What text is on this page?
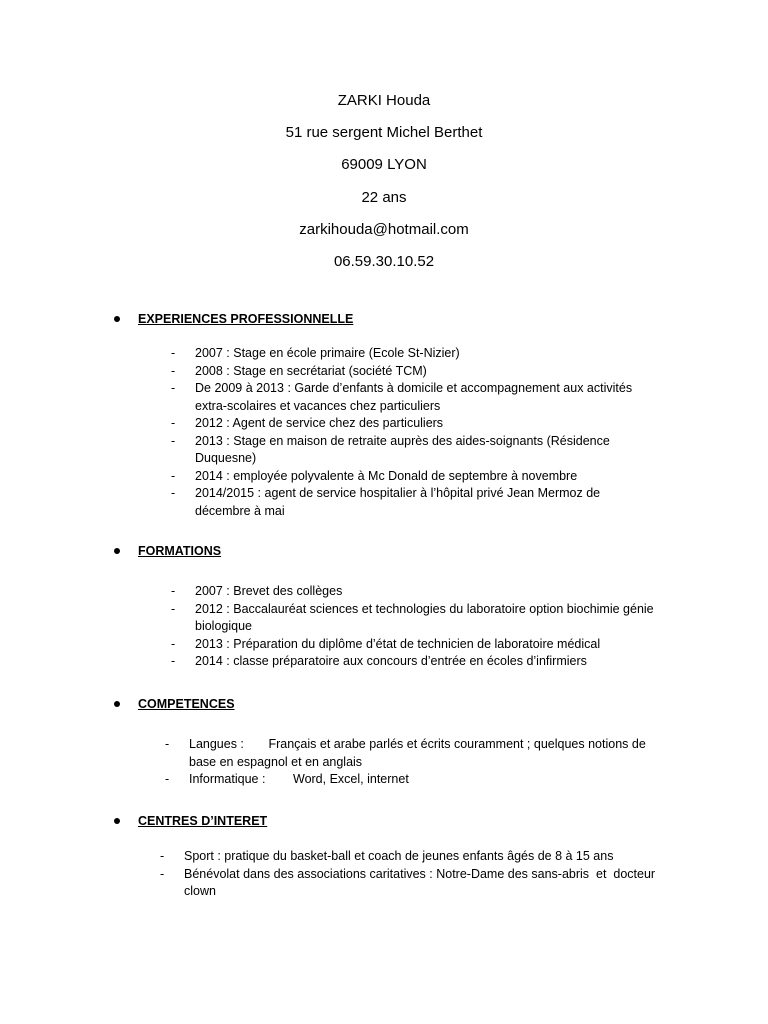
ZARKI Houda
51 rue sergent Michel Berthet
69009 LYON
22 ans
zarkihouda@hotmail.com
06.59.30.10.52
EXPERIENCES PROFESSIONNELLE
- 2007 : Stage en école primaire (Ecole St-Nizier)
- 2008 : Stage en secrétariat (société TCM)
- De 2009 à 2013 : Garde d’enfants à domicile et accompagnement aux activités extra-scolaires et vacances chez particuliers
- 2012 : Agent de service chez des particuliers
- 2013 : Stage en maison de retraite auprès des aides-soignants (Résidence Duquesne)
- 2014 : employée polyvalente à Mc Donald de septembre à novembre
- 2014/2015 : agent de service hospitalier à l’hôpital privé Jean Mermoz de décembre à mai
FORMATIONS
- 2007 : Brevet des collèges
- 2012 : Baccalauréat sciences et technologies du laboratoire option biochimie génie biologique
- 2013 : Préparation du diplôme d’état de technicien de laboratoire médical
- 2014 : classe préparatoire aux concours d’entrée en écoles d’infirmiers
COMPETENCES
- Langues : Français et arabe parlés et écrits couramment ; quelques notions de base en espagnol et en anglais
- Informatique : Word, Excel, internet
CENTRES D’INTERET
- Sport : pratique du basket-ball et coach de jeunes enfants âgés de 8 à 15 ans
- Bénévolat dans des associations caritatives : Notre-Dame des sans-abris  et  docteur clown
